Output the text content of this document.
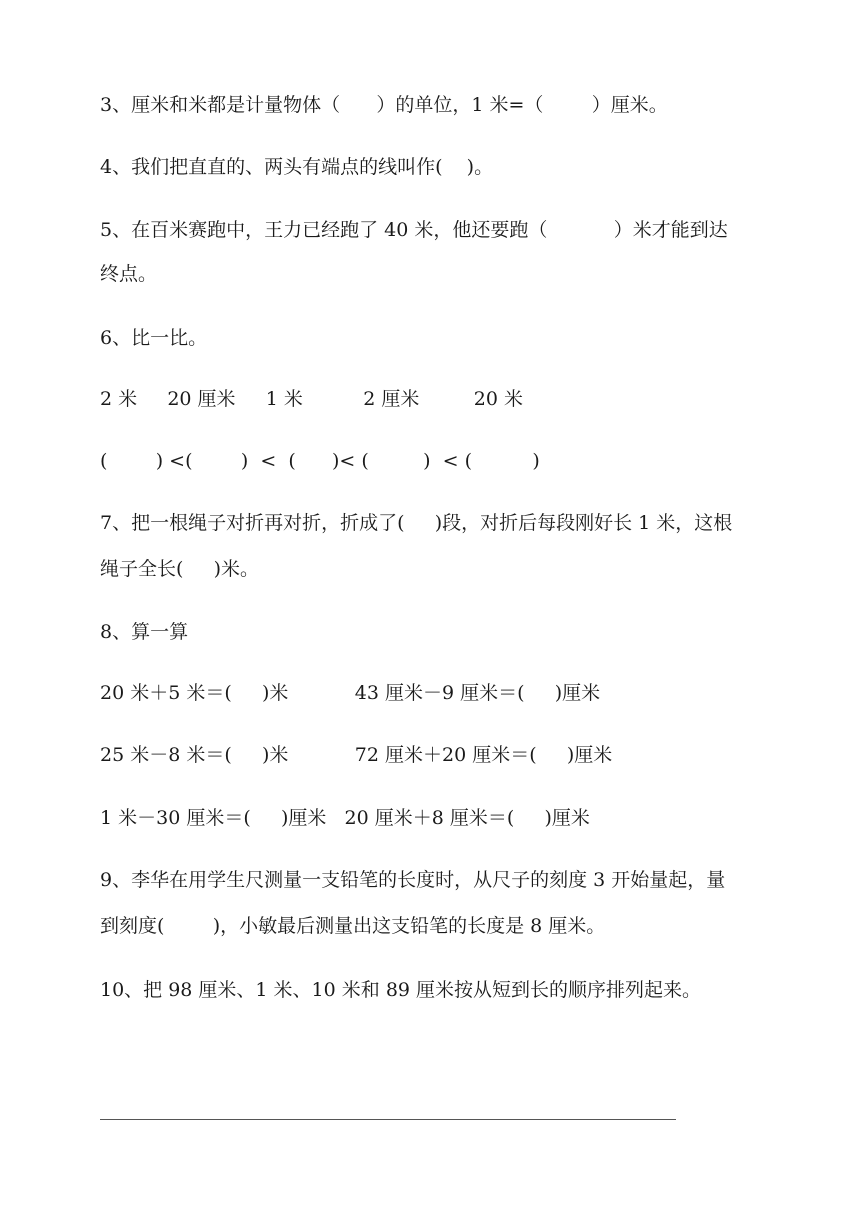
3、厘米和米都是计量物体（      ）的单位，1 米=（        ）厘米。
4、我们把直直的、两头有端点的线叫作(    )。
5、在百米赛跑中，王力已经跑了 40 米，他还要跑（           ）米才能到达
终点。
6、比一比。
2 米     20 厘米     1 米          2 厘米         20 米
(        ) <(        )  <  (      )< (         )  < (          )
7、把一根绳子对折再对折，折成了(     )段，对折后每段刚好长 1 米，这根
绳子全长(     )米。
8、算一算
20 米＋5 米＝(     )米           43 厘米－9 厘米＝(     )厘米
25 米－8 米＝(     )米           72 厘米＋20 厘米＝(     )厘米
1 米－30 厘米＝(     )厘米   20 厘米＋8 厘米＝(     )厘米
9、李华在用学生尺测量一支铅笔的长度时，从尺子的刻度 3 开始量起，量
到刻度(        )，小敏最后测量出这支铅笔的长度是 8 厘米。
10、把 98 厘米、1 米、10 米和 89 厘米按从短到长的顺序排列起来。
